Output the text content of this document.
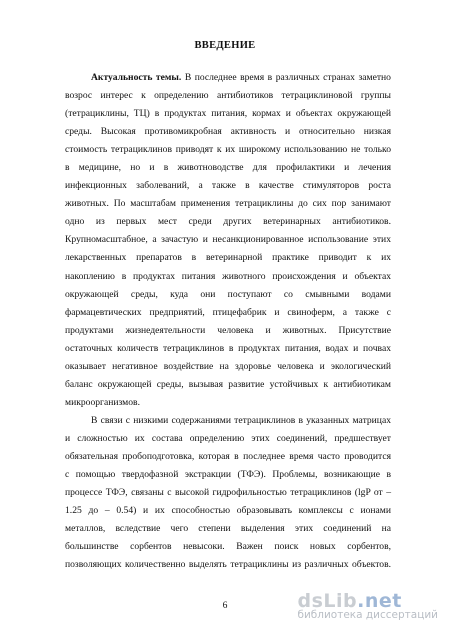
ВВЕДЕНИЕ
Актуальность темы. В последнее время в различных странах заметно
возрос интерес к определению антибиотиков тетрациклиновой группы
(тетрациклины, ТЦ) в продуктах питания, кормах и объектах окружающей
среды. Высокая противомикробная активность и относительно низкая
стоимость тетрациклинов приводят к их широкому использованию не только
в медицине, но и в животноводстве для профилактики и лечения
инфекционных заболеваний, а также в качестве стимуляторов роста
животных. По масштабам применения тетрациклины до сих пор занимают
одно из первых мест среди других ветеринарных антибиотиков.
Крупномасштабное, а зачастую и несанкционированное использование этих
лекарственных препаратов в ветеринарной практике приводит к их
накоплению в продуктах питания животного происхождения и объектах
окружающей среды, куда они поступают со смывными водами
фармацевтических предприятий, птицефабрик и свиноферм, а также с
продуктами жизнедеятельности человека и животных. Присутствие
остаточных количеств тетрациклинов в продуктах питания, водах и почвах
оказывает негативное воздействие на здоровье человека и экологический
баланс окружающей среды, вызывая развитие устойчивых к антибиотикам
микроорганизмов.
В связи с низкими содержаниями тетрациклинов в указанных матрицах
и сложностью их состава определению этих соединений, предшествует
обязательная пробоподготовка, которая в последнее время часто проводится
с помощью твердофазной экстракции (ТФЭ). Проблемы, возникающие в
процессе ТФЭ, связаны с высокой гидрофильностью тетрациклинов (lgP от –
1.25 до – 0.54) и их способностью образовывать комплексы с ионами
металлов, вследствие чего степени выделения этих соединений на
большинстве сорбентов невысоки. Важен поиск новых сорбентов,
позволяющих количественно выделять тетрациклины из различных объектов.
6	dsLib.net
библиотека диссертаций
